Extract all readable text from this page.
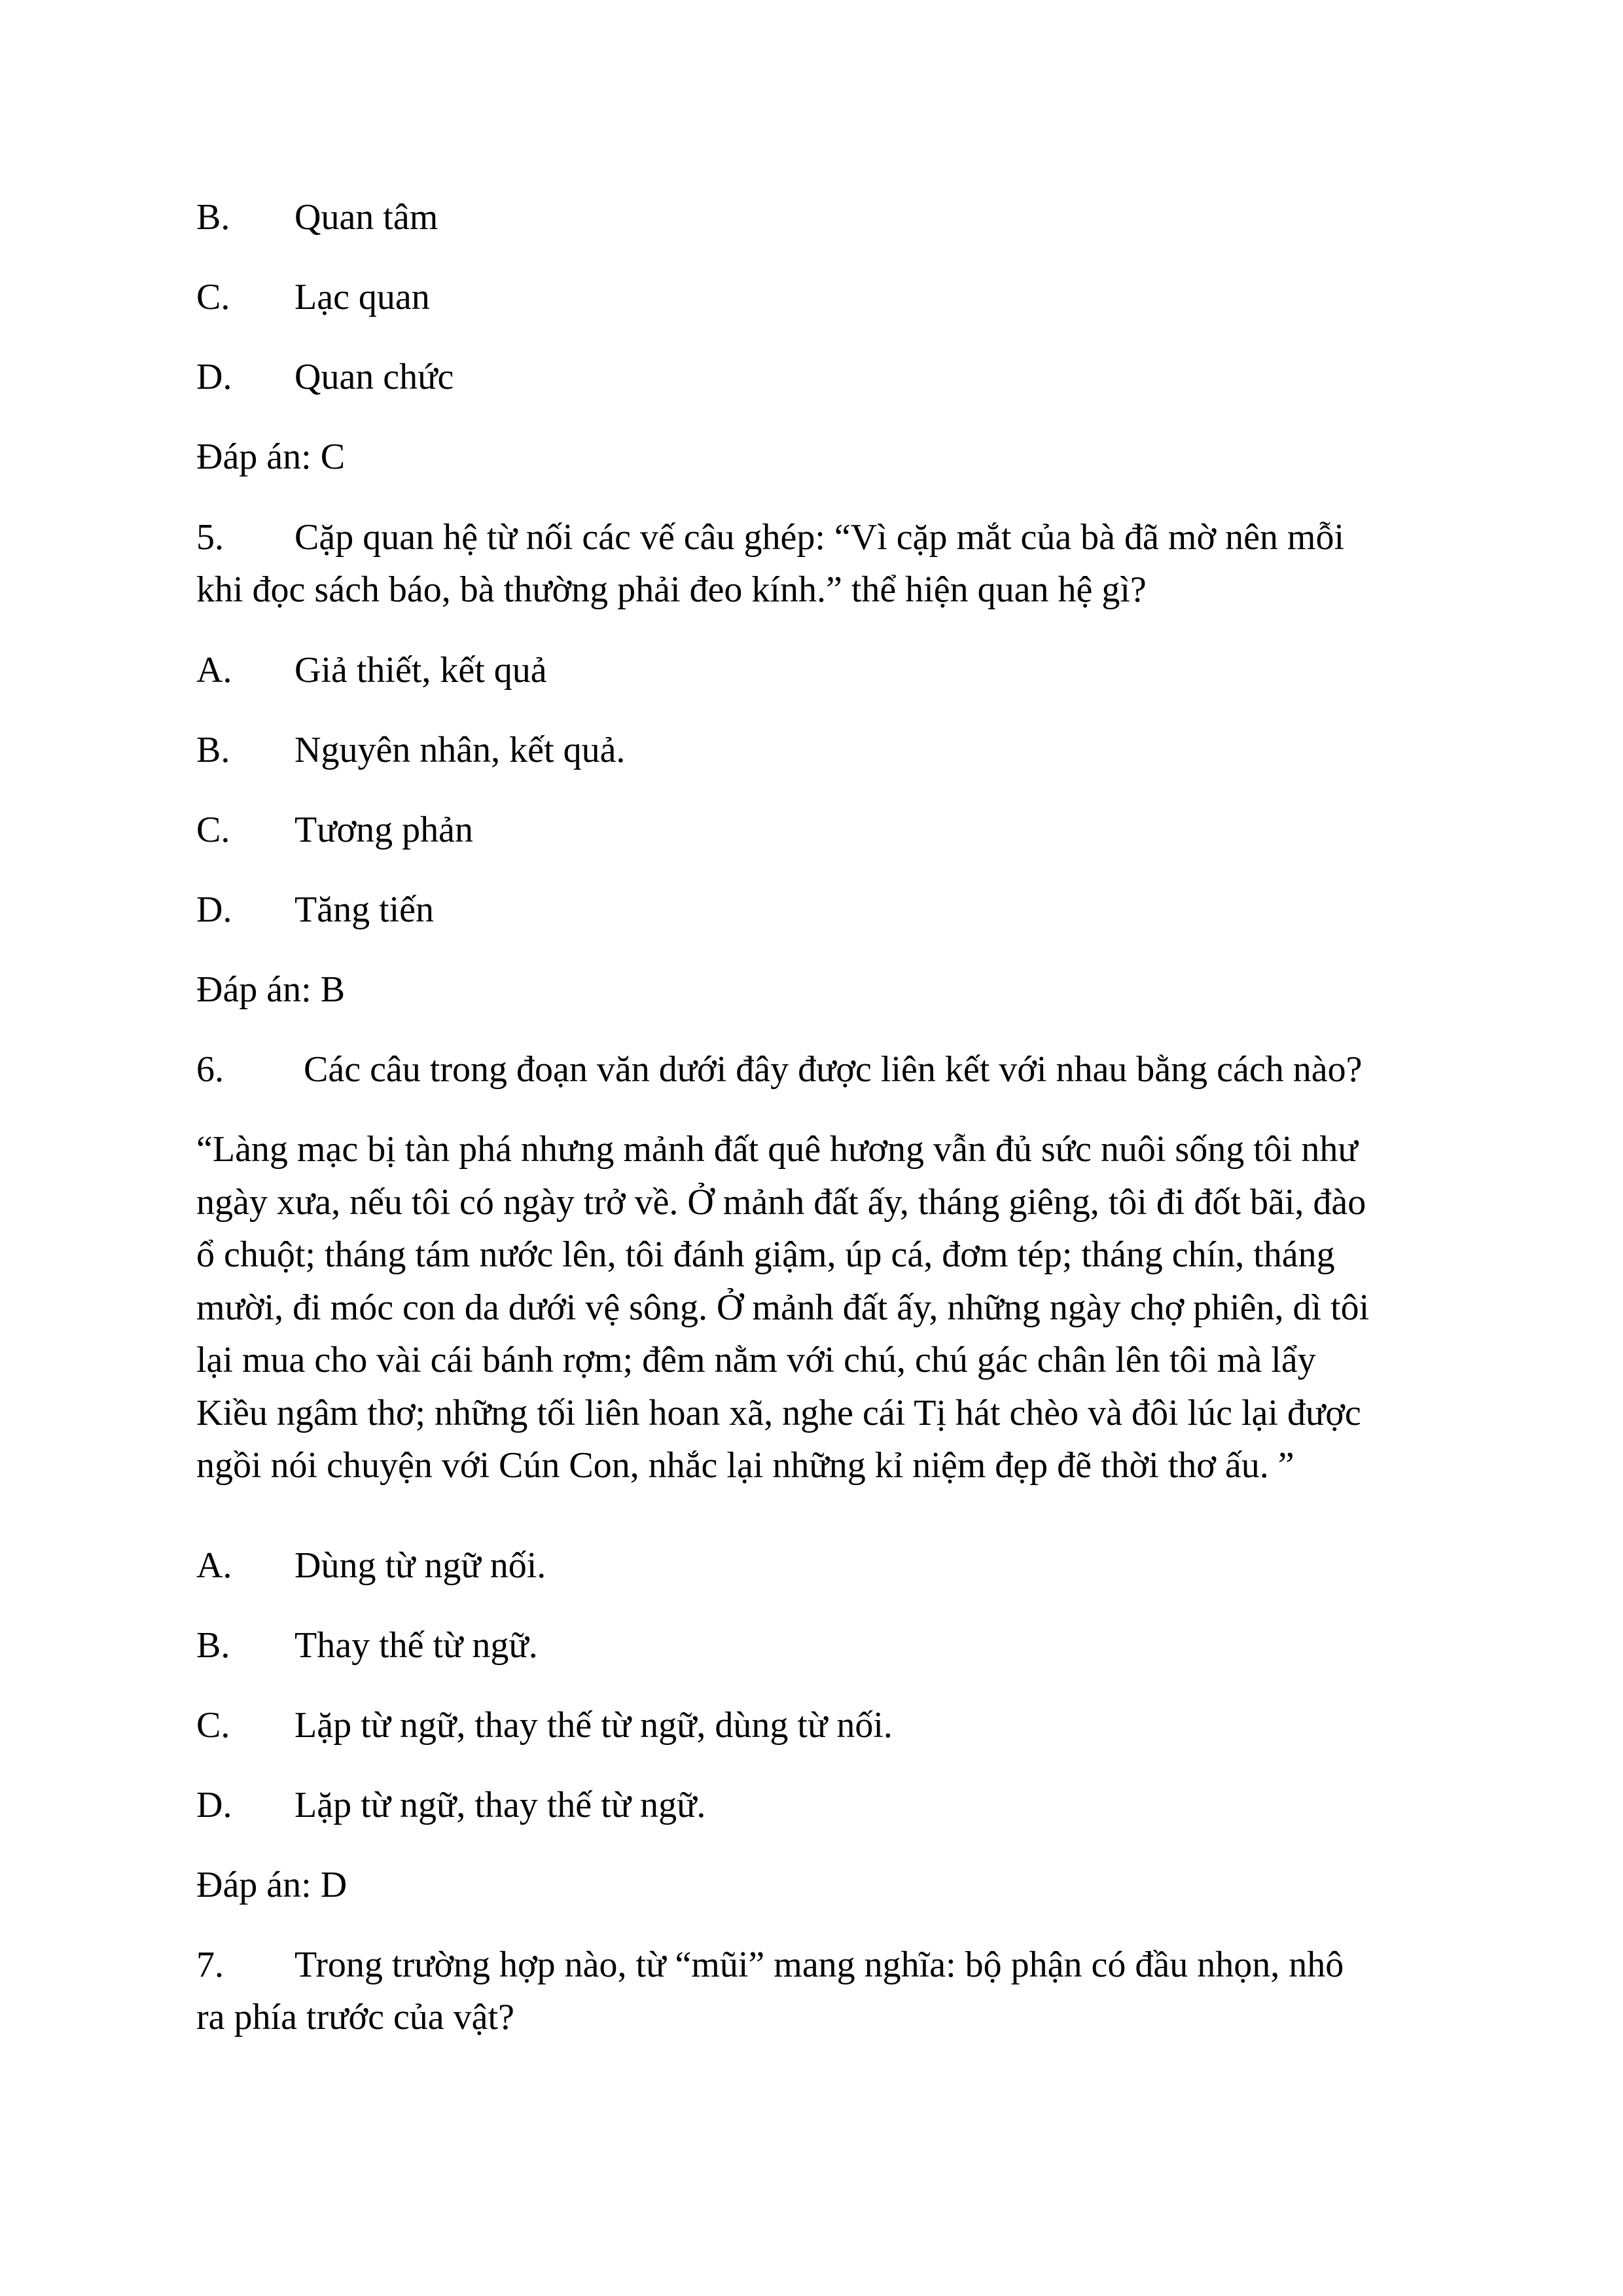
B. Quan tâm
C. Lạc quan
D. Quan chức
Đáp án: C
5. Cặp quan hệ từ nối các vế câu ghép: “Vì cặp mắt của bà đã mờ nên mỗi
khi đọc sách báo, bà thường phải đeo kính.” thể hiện quan hệ gì?
A. Giả thiết, kết quả
B. Nguyên nhân, kết quả.
C. Tương phản
D. Tăng tiến
Đáp án: B
6. Các câu trong đoạn văn dưới đây được liên kết với nhau bằng cách nào?
“Làng mạc bị tàn phá nhưng mảnh đất quê hương vẫn đủ sức nuôi sống tôi như
ngày xưa, nếu tôi có ngày trở về. Ở mảnh đất ấy, tháng giêng, tôi đi đốt bãi, đào
ổ chuột; tháng tám nước lên, tôi đánh giậm, úp cá, đơm tép; tháng chín, tháng
mười, đi móc con da dưới vệ sông. Ở mảnh đất ấy, những ngày chợ phiên, dì tôi
lại mua cho vài cái bánh rợm; đêm nằm với chú, chú gác chân lên tôi mà lẩy
Kiều ngâm thơ; những tối liên hoan xã, nghe cái Tị hát chèo và đôi lúc lại được
ngồi nói chuyện với Cún Con, nhắc lại những kỉ niệm đẹp đẽ thời thơ ấu. ”
A. Dùng từ ngữ nối.
B. Thay thế từ ngữ.
C. Lặp từ ngữ, thay thế từ ngữ, dùng từ nối.
D. Lặp từ ngữ, thay thế từ ngữ.
Đáp án: D
7. Trong trường hợp nào, từ “mũi” mang nghĩa: bộ phận có đầu nhọn, nhô
ra phía trước của vật?
